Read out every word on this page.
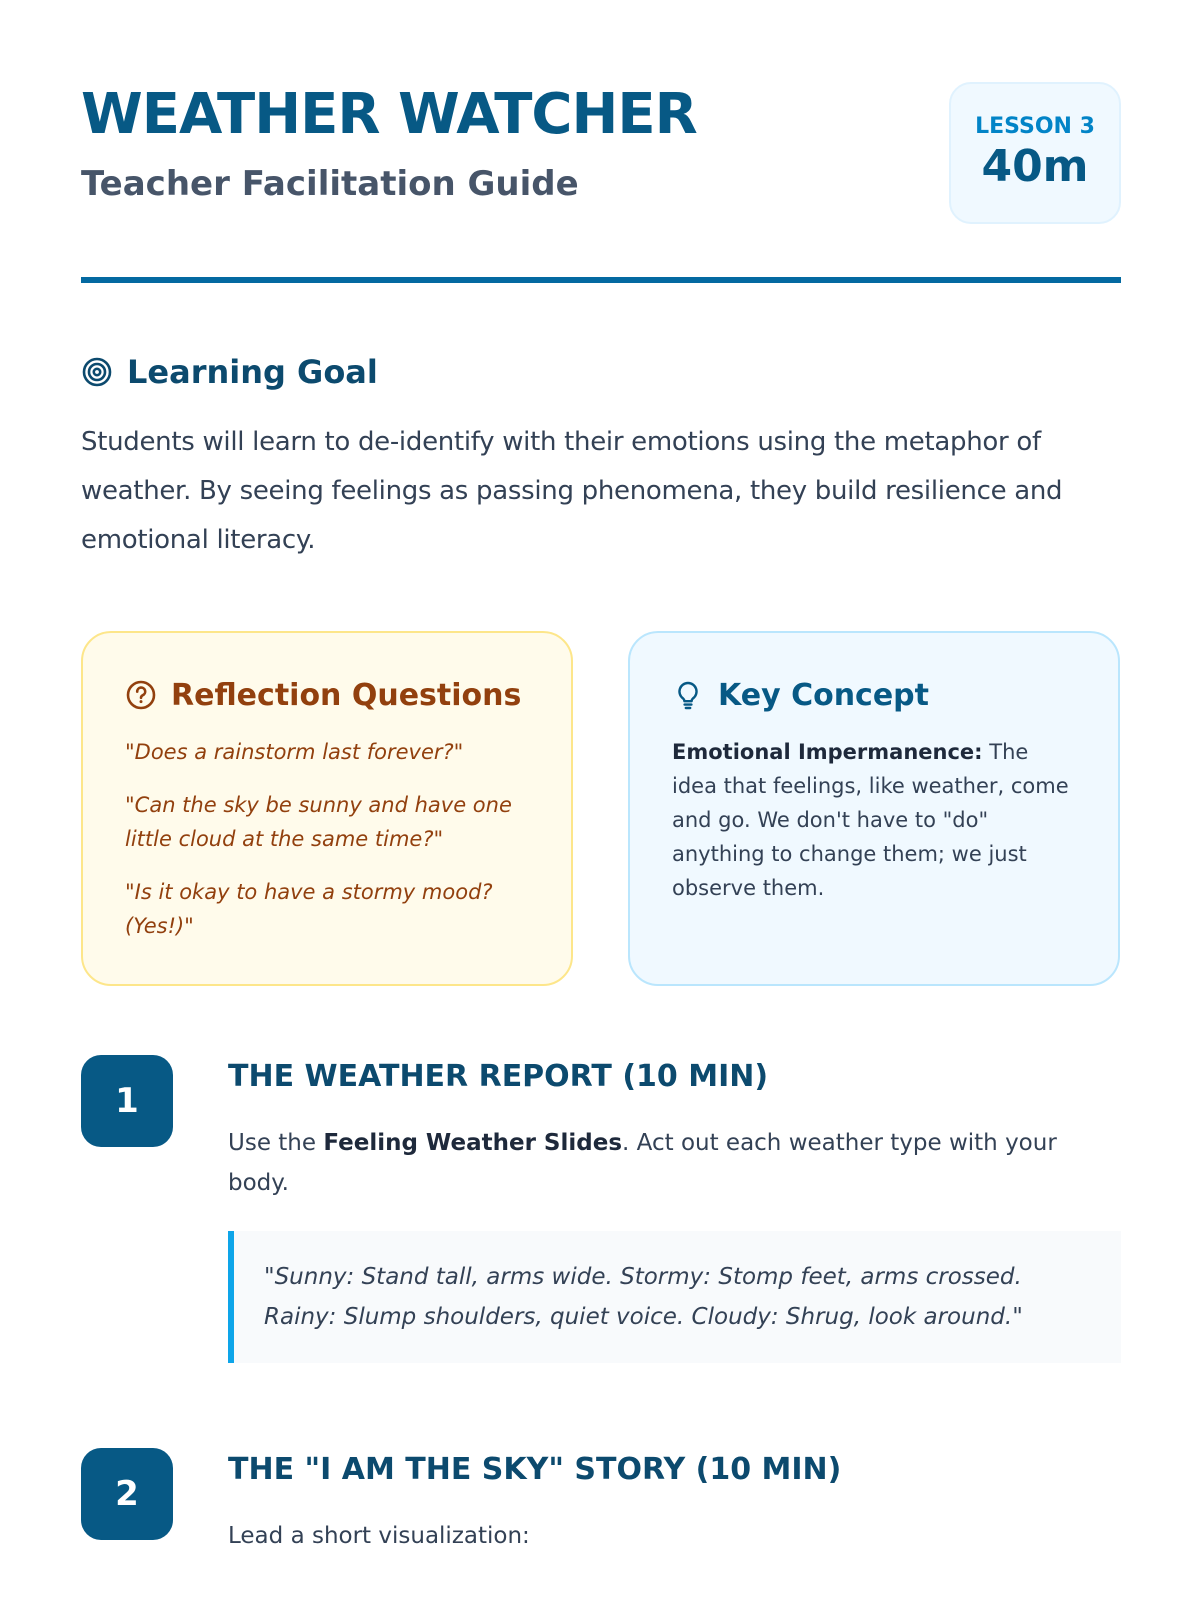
WEATHER WATCHER
Teacher Facilitation Guide
LESSON 3
40m
Learning Goal

Students will learn to de-identify with their emotions using the metaphor of weather. By seeing feelings as passing phenomena, they build resilience and emotional literacy.

Reflection Questions

"Does a rainstorm last forever?"

"Can the sky be sunny and have one little cloud at the same time?"

"Is it okay to have a stormy mood? (Yes!)"

Key Concept

Emotional Impermanence: The idea that feelings, like weather, come and go. We don't have to "do" anything to change them; we just observe them.

1
THE WEATHER REPORT (10 MIN)

Use the Feeling Weather Slides. Act out each weather type with your body.

"Sunny: Stand tall, arms wide. Stormy: Stomp feet, arms crossed. Rainy: Slump shoulders, quiet voice. Cloudy: Shrug, look around."
2
THE "I AM THE SKY" STORY (10 MIN)

Lead a short visualization:
